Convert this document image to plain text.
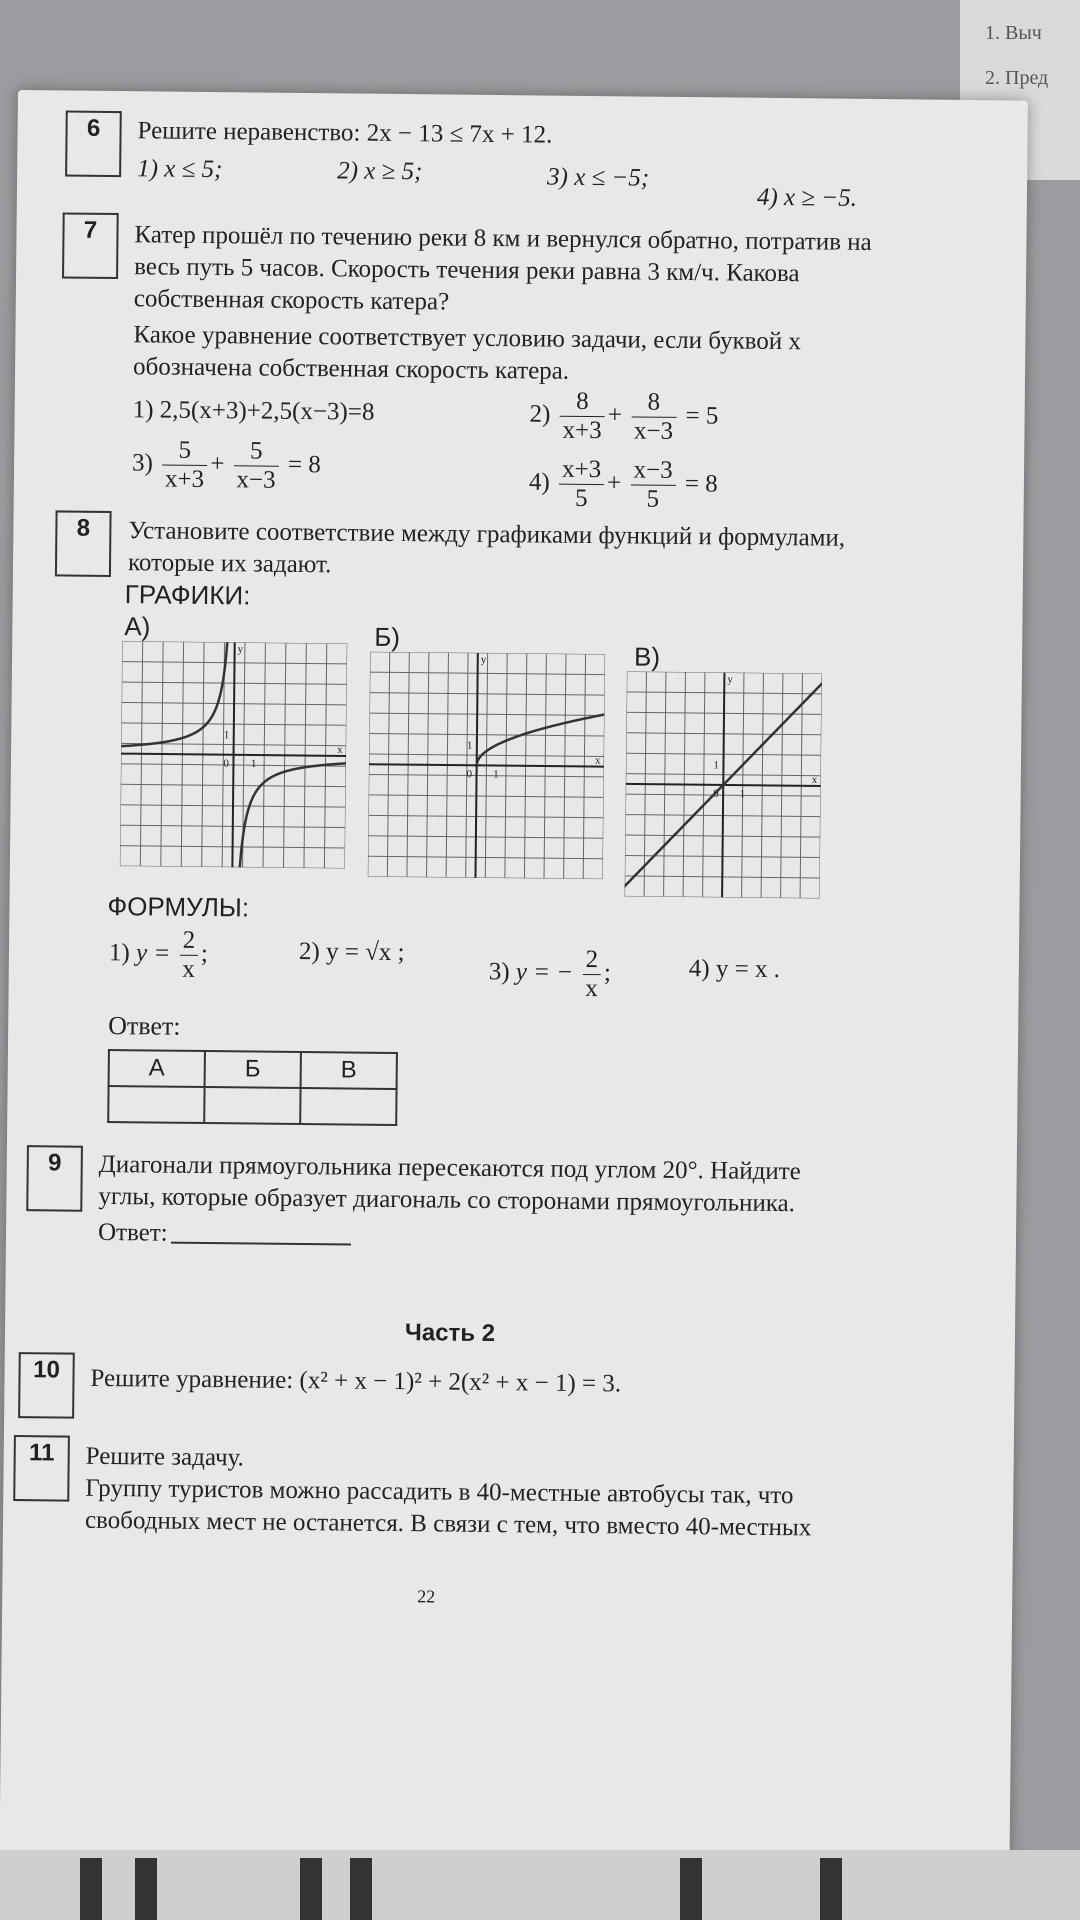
1. Выч
2. Пред
6	Решите неравенство: 2x − 13 ≤ 7x + 12.
1) x ≤ 5;	2) x ≥ 5;	3) x ≤ −5;
4) x ≥ −5.
7	Катер прошёл по течению реки 8 км и вернулся обратно, потратив на
весь путь 5 часов. Скорость течения реки равна 3 км/ч. Какова
собственная скорость катера?
Какое уравнение соответствует условию задачи, если буквой x
обозначена собственная скорость катера.
1) 2,5(x+3)+2,5(x−3)=8	$2) \frac{8}{x+3} + \frac{8}{x-3} = 5$
$3) \frac{5}{x+3} + \frac{5}{x-3} = 8$
$4) \frac{x+3}{5} + \frac{x-3}{5} = 8$
8	Установите соответствие между графиками функций и формулами,
которые их задают.
ГРАФИКИ:
А)	Б)
В)
0 1
1
y
x
0 1
1
y
x
0 1
1
y
x
ФОРМУЛЫ:
1) $y = \frac{2}{x}$ ;	2) y = √x ;
3) y = − $\frac{2}{x}$ ;	4) y = x .
Ответ:
А	Б	В

9	Диагонали прямоугольника пересекаются под углом 20°. Найдите
углы, которые образует диагональ со сторонами прямоугольника.
Ответ:
Часть 2
10	Решите уравнение: (x² + x − 1)² + 2(x² + x − 1) = 3.
11	Решите задачу.
Группу туристов можно рассадить в 40-местные автобусы так, что
свободных мест не останется. В связи с тем, что вместо 40-местных
22
